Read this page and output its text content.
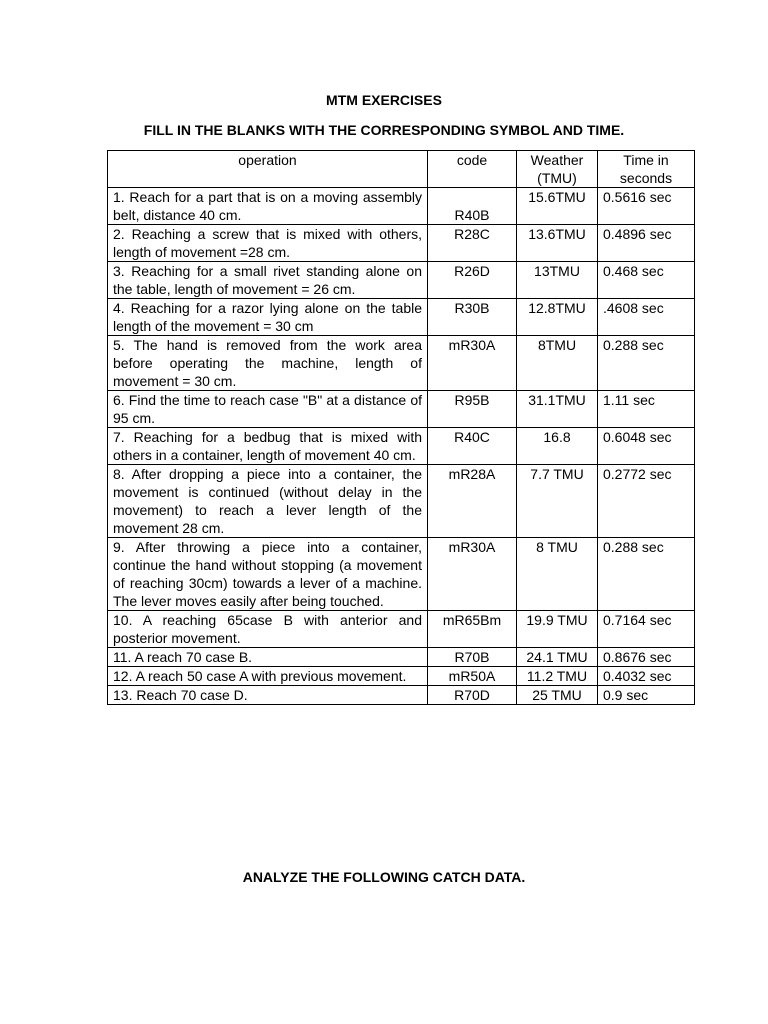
MTM EXERCISES
FILL IN THE BLANKS WITH THE CORRESPONDING SYMBOL AND TIME.
operation	code	Weather (TMU)	Time in seconds
1. Reach for a part that is on a moving assembly belt, distance 40 cm.	R40B	15.6TMU	0.5616 sec
2. Reaching a screw that is mixed with others, length of movement =28 cm.	R28C	13.6TMU	0.4896 sec
3. Reaching for a small rivet standing alone on the table, length of movement = 26 cm.	R26D	13TMU	0.468 sec
4. Reaching for a razor lying alone on the table length of the movement = 30 cm	R30B	12.8TMU	.4608 sec
5. The hand is removed from the work area before operating the machine, length of movement = 30 cm.	mR30A	8TMU	0.288 sec
6. Find the time to reach case "B" at a distance of 95 cm.	R95B	31.1TMU	1.11 sec
7. Reaching for a bedbug that is mixed with others in a container, length of movement 40 cm.	R40C	16.8	0.6048 sec
8. After dropping a piece into a container, the movement is continued (without delay in the movement) to reach a lever length of the movement 28 cm.	mR28A	7.7 TMU	0.2772 sec
9. After throwing a piece into a container, continue the hand without stopping (a movement of reaching 30cm) towards a lever of a machine. The lever moves easily after being touched.	mR30A	8 TMU	0.288 sec
10. A reaching 65case B with anterior and posterior movement.	mR65Bm	19.9 TMU	0.7164 sec
11. A reach 70 case B.	R70B	24.1 TMU	0.8676 sec
12. A reach 50 case A with previous movement.	mR50A	11.2 TMU	0.4032 sec
13. Reach 70 case D.	R70D	25 TMU	0.9 sec
ANALYZE THE FOLLOWING CATCH DATA.
